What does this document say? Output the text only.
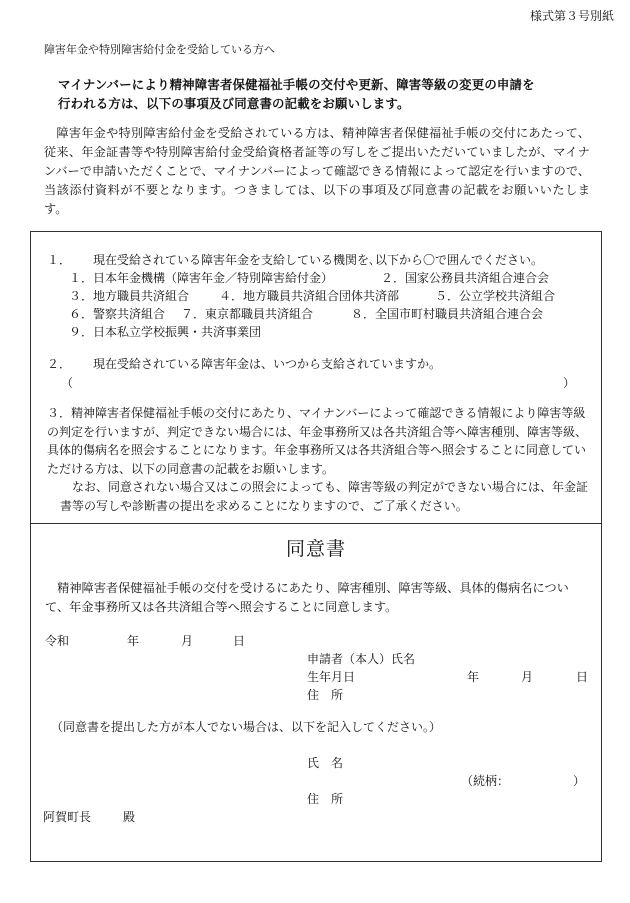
様式第３号別紙
障害年金や特別障害給付金を受給している方へ
マイナンバーにより精神障害者保健福祉手帳の交付や更新、障害等級の変更の申請を
行われる方は、以下の事項及び同意書の記載をお願いします。
　障害年金や特別障害給付金を受給されている方は、精神障害者保健福祉手帳の交付にあたって、従来、年金証書等や特別障害給付金受給資格者証等の写しをご提出いただいていましたが、マイナンバーで申請いただくことで、マイナンバーによって確認できる情報によって認定を行いますので、当該添付資料が不要となります。つきましては、以下の事項及び同意書の記載をお願いいたします。
１． 現在受給されている障害年金を支給している機関を､以下から〇で囲んでください。
１．日本年金機構（障害年金／特別障害給付金）	２．国家公務員共済組合連合会
３．地方職員共済組合 ４．地方職員共済組合団体共済部	５．公立学校共済組合
６．警察共済組合 ７．東京都職員共済組合	８．全国市町村職員共済組合連合会
９．日本私立学校振興・共済事業団
２． 現在受給されている障害年金は、いつから支給されていますか。
（	）
３．精神障害者保健福祉手帳の交付にあたり、マイナンバーによって確認できる情報により障害等級の判定を行いますが、判定できない場合には、年金事務所又は各共済組合等へ障害種別、障害等級、具体的傷病名を照会することになります。年金事務所又は各共済組合等へ照会することに同意していただける方は、以下の同意書の記載をお願いします。
なお、同意されない場合又はこの照会によっても、障害等級の判定ができない場合には、年金証書等の写しや診断書の提出を求めることになりますので、ご了承ください。
同意書
　精神障害者保健福祉手帳の交付を受けるにあたり、障害種別、障害等級、具体的傷病名について、年金事務所又は各共済組合等へ照会することに同意します。
令和	年	月	日
申請者（本人）氏名
生年月日	年	月	日
住　所
（同意書を提出した方が本人でない場合は、以下を記入してください。）
氏　名
（続柄：	）
住　所
阿賀町長	殿
